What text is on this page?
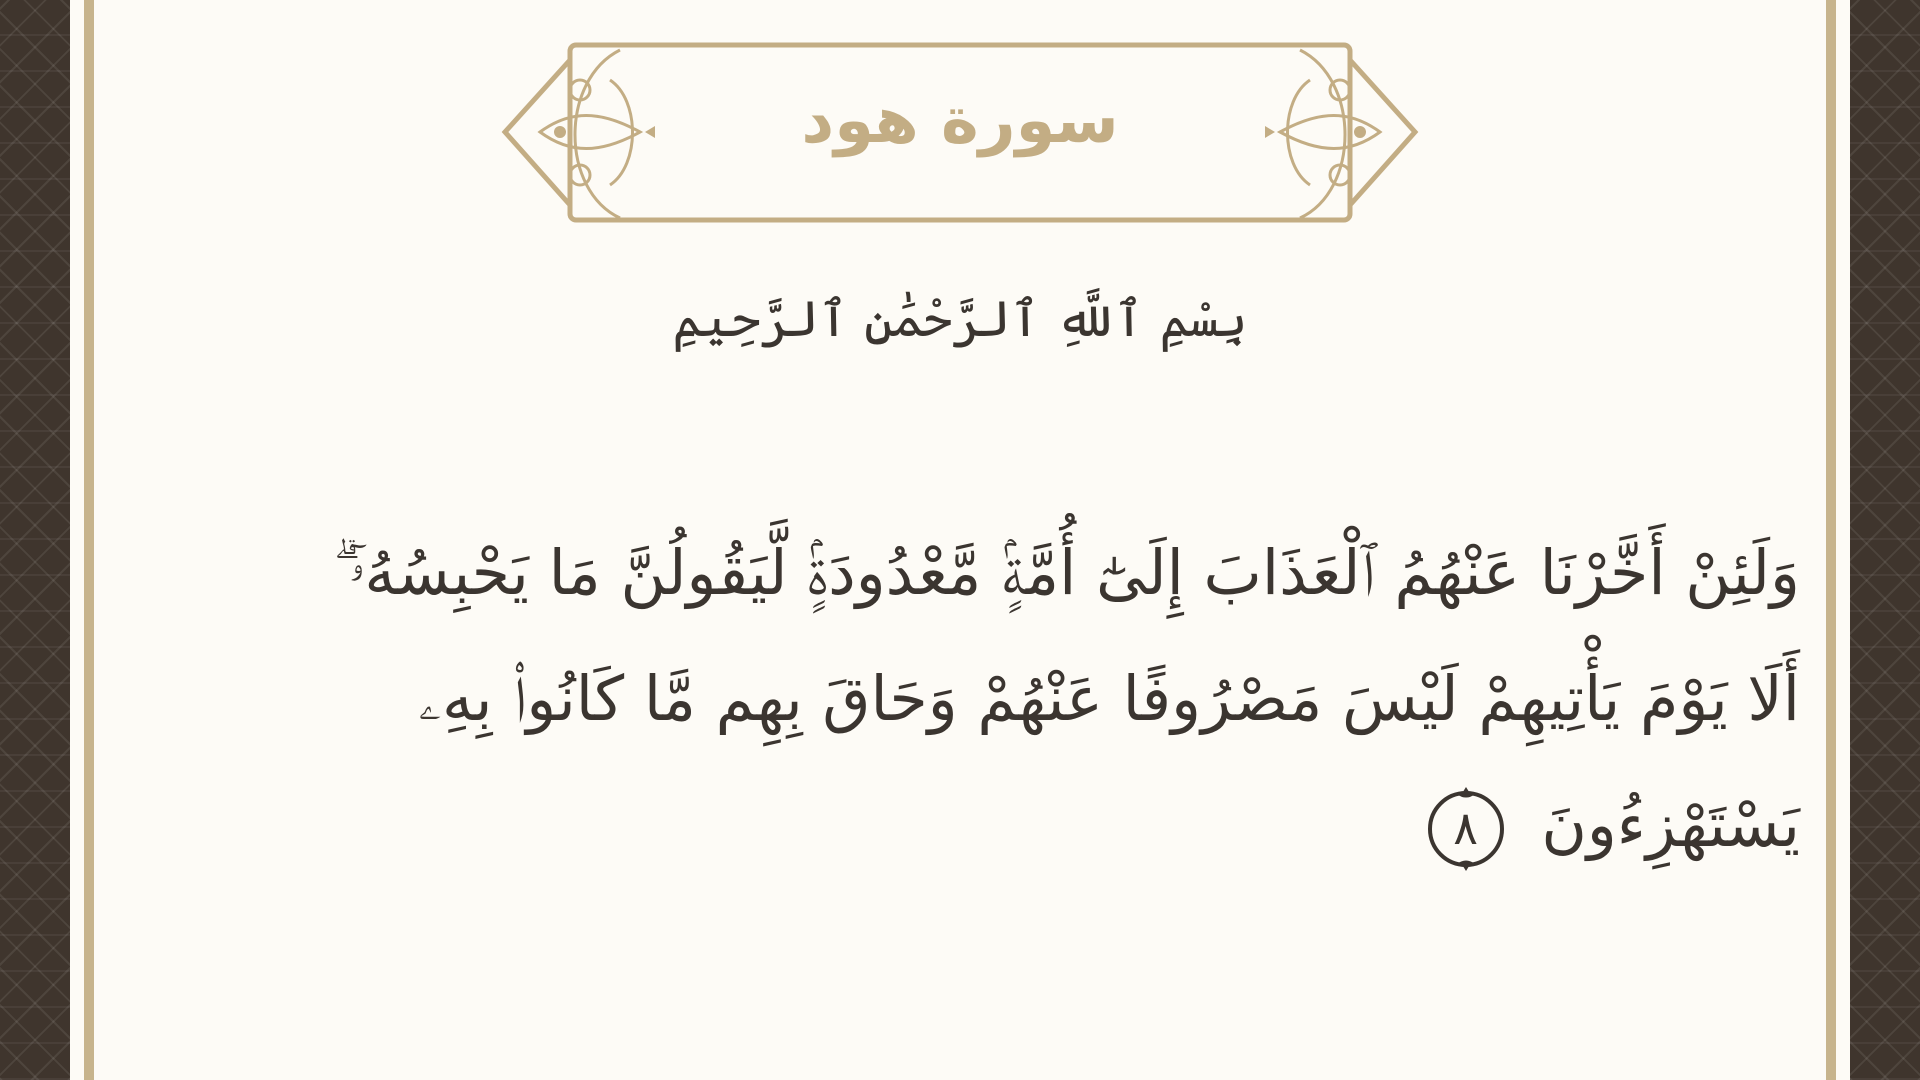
سورة هود
بِسْمِ ٱللَّهِ ٱلرَّحْمَٰنِ ٱلرَّحِيمِ
وَلَئِنْ أَخَّرْنَا عَنْهُمُ ٱلْعَذَابَ إِلَىٰٓ أُمَّةٍۢ مَّعْدُودَةٍۢ لَّيَقُولُنَّ مَا يَحْبِسُهُۥٓ ۗ
أَلَا يَوْمَ يَأْتِيهِمْ لَيْسَ مَصْرُوفًا عَنْهُمْ وَحَاقَ بِهِم مَّا كَانُوا۟ بِهِۦ
يَسْتَهْزِءُونَ
٨
